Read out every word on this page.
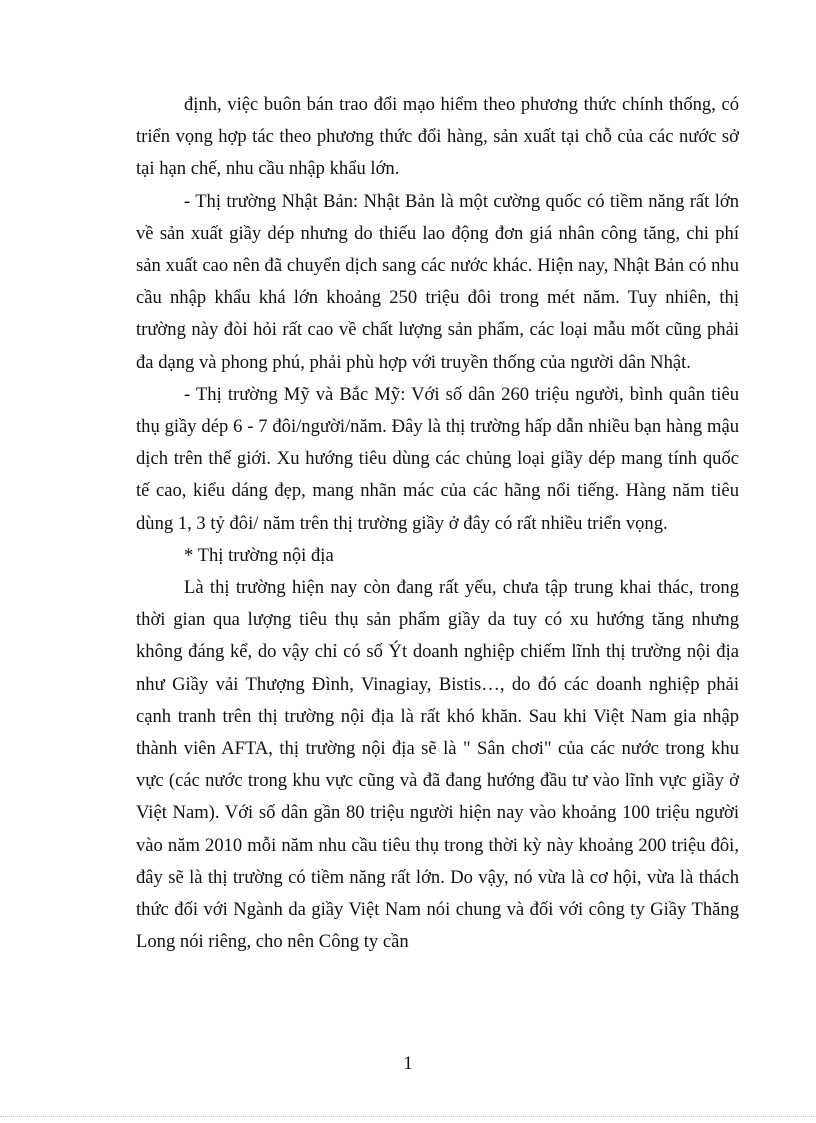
định, việc buôn bán trao đổi mạo hiểm theo phương thức chính thống, có triển vọng hợp tác theo phương thức đổi hàng, sản xuất tại chỗ của các nước sở tại hạn chế, nhu cầu nhập khẩu lớn.

- Thị trường Nhật Bản: Nhật Bản là một cường quốc có tiềm năng rất lớn về sản xuất giầy dép nhưng do thiếu lao động đơn giá nhân công tăng, chi phí sản xuất cao nên đã chuyển dịch sang các nước khác. Hiện nay, Nhật Bản có nhu cầu nhập khẩu khá lớn khoảng 250 triệu đôi trong mét năm. Tuy nhiên, thị trường này đòi hỏi rất cao về chất lượng sản phẩm, các loại mẫu mốt cũng phải đa dạng và phong phú, phải phù hợp với truyền thống của người dân Nhật.

- Thị trường Mỹ và Bắc Mỹ: Với số dân 260 triệu người, bình quân tiêu thụ giầy dép 6 - 7 đôi/người/năm. Đây là thị trường hấp dẫn nhiều bạn hàng mậu dịch trên thế giới. Xu hướng tiêu dùng các chủng loại giầy dép mang tính quốc tế cao, kiểu dáng đẹp, mang nhãn mác của các hãng nổi tiếng. Hàng năm tiêu dùng 1, 3 tỷ đôi/ năm trên thị trường giầy ở đây có rất nhiều triển vọng.

* Thị trường nội địa

Là thị trường hiện nay còn đang rất yếu, chưa tập trung khai thác, trong thời gian qua lượng tiêu thụ sản phẩm giầy da tuy có xu hướng tăng nhưng không đáng kể, do vậy chỉ có số Ýt doanh nghiệp chiếm lĩnh thị trường nội địa như Giầy vải Thượng Đình, Vinagiay, Bistis…, do đó các doanh nghiệp phải cạnh tranh trên thị trường nội địa là rất khó khăn. Sau khi Việt Nam gia nhập thành viên AFTA, thị trường nội địa sẽ là " Sân chơi" của các nước trong khu vực (các nước trong khu vực cũng và đã đang hướng đầu tư vào lĩnh vực giầy ở Việt Nam). Với số dân gần 80 triệu người hiện nay vào khoảng 100 triệu người vào năm 2010 mỗi năm nhu cầu tiêu thụ trong thời kỳ này khoảng 200 triệu đôi, đây sẽ là thị trường có tiềm năng rất lớn. Do vậy, nó vừa là cơ hội, vừa là thách thức đối với Ngành da giầy Việt Nam nói chung và đối với công ty Giầy Thăng Long nói riêng, cho nên Công ty cần

1
